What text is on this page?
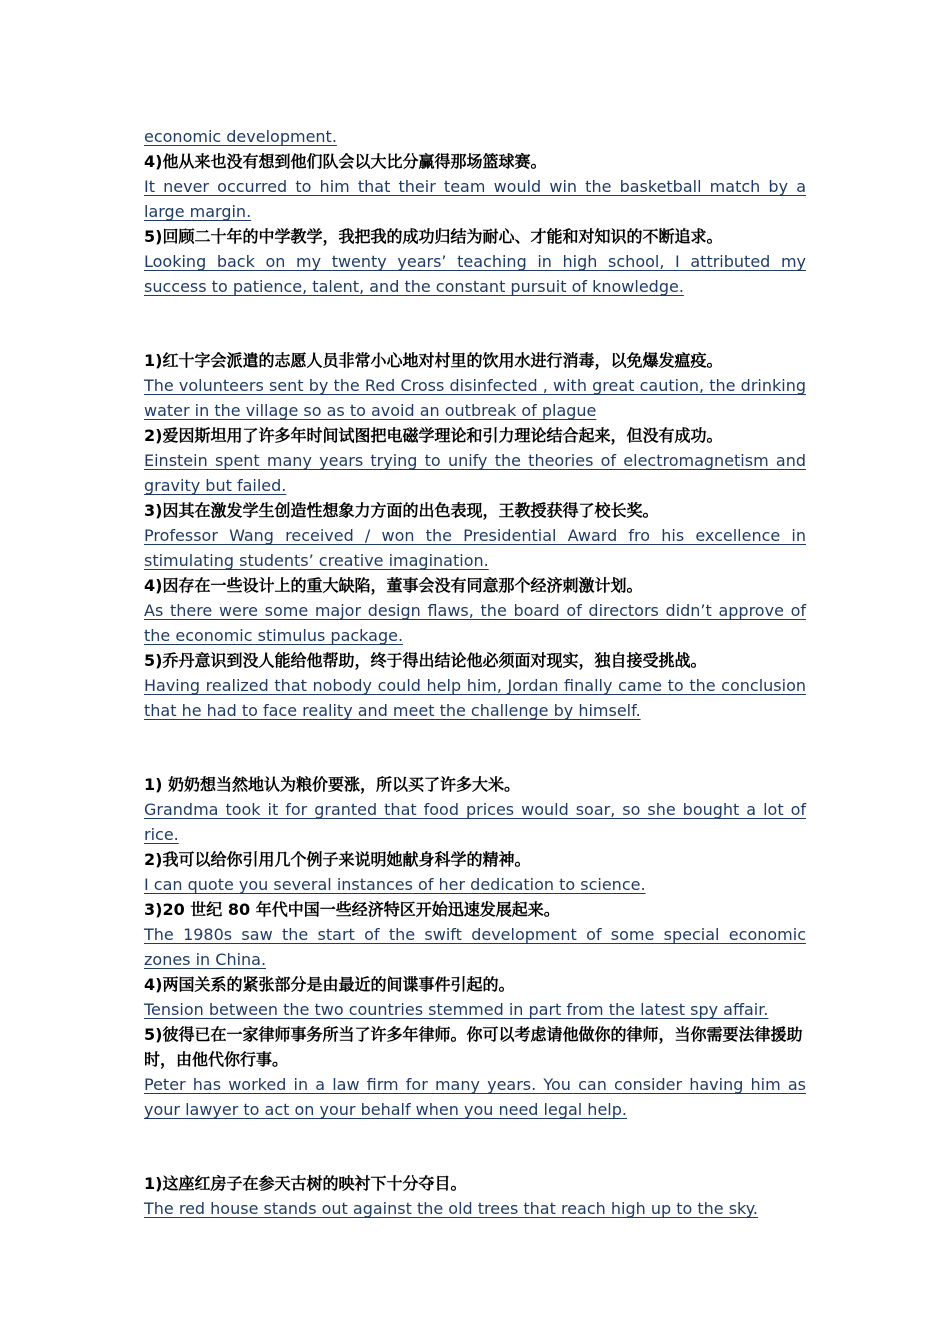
economic development.

4)他从来也没有想到他们队会以大比分赢得那场篮球赛。

It never occurred to him that their team would win the basketball match by a large margin.

5)回顾二十年的中学教学，我把我的成功归结为耐心、才能和对知识的不断追求。

Looking back on my twenty years’ teaching in high school, I attributed my success to patience, talent, and the constant pursuit of knowledge.

1)红十字会派遣的志愿人员非常小心地对村里的饮用水进行消毒，以免爆发瘟疫。

The volunteers sent by the Red Cross disinfected , with great caution, the drinking water in the village so as to avoid an outbreak of plague

2)爱因斯坦用了许多年时间试图把电磁学理论和引力理论结合起来，但没有成功。

Einstein spent many years trying to unify the theories of electromagnetism and gravity but failed.

3)因其在激发学生创造性想象力方面的出色表现，王教授获得了校长奖。

Professor Wang received / won the Presidential Award fro his excellence in stimulating students’ creative imagination.

4)因存在一些设计上的重大缺陷，董事会没有同意那个经济刺激计划。

As there were some major design flaws, the board of directors didn’t approve of the economic stimulus package.

5)乔丹意识到没人能给他帮助，终于得出结论他必须面对现实，独自接受挑战。

Having realized that nobody could help him, Jordan finally came to the conclusion that he had to face reality and meet the challenge by himself.

1) 奶奶想当然地认为粮价要涨，所以买了许多大米。

Grandma took it for granted that food prices would soar, so she bought a lot of rice.

2)我可以给你引用几个例子来说明她献身科学的精神。

I can quote you several instances of her dedication to science.

3)20 世纪 80 年代中国一些经济特区开始迅速发展起来。

The 1980s saw the start of the swift development of some special economic zones in China.

4)两国关系的紧张部分是由最近的间谍事件引起的。

Tension between the two countries stemmed in part from the latest spy affair.

5)彼得已在一家律师事务所当了许多年律师。你可以考虑请他做你的律师，当你需要法律援助时，由他代你行事。

Peter has worked in a law firm for many years. You can consider having him as your lawyer to act on your behalf when you need legal help.

1)这座红房子在参天古树的映衬下十分夺目。

The red house stands out against the old trees that reach high up to the sky.
